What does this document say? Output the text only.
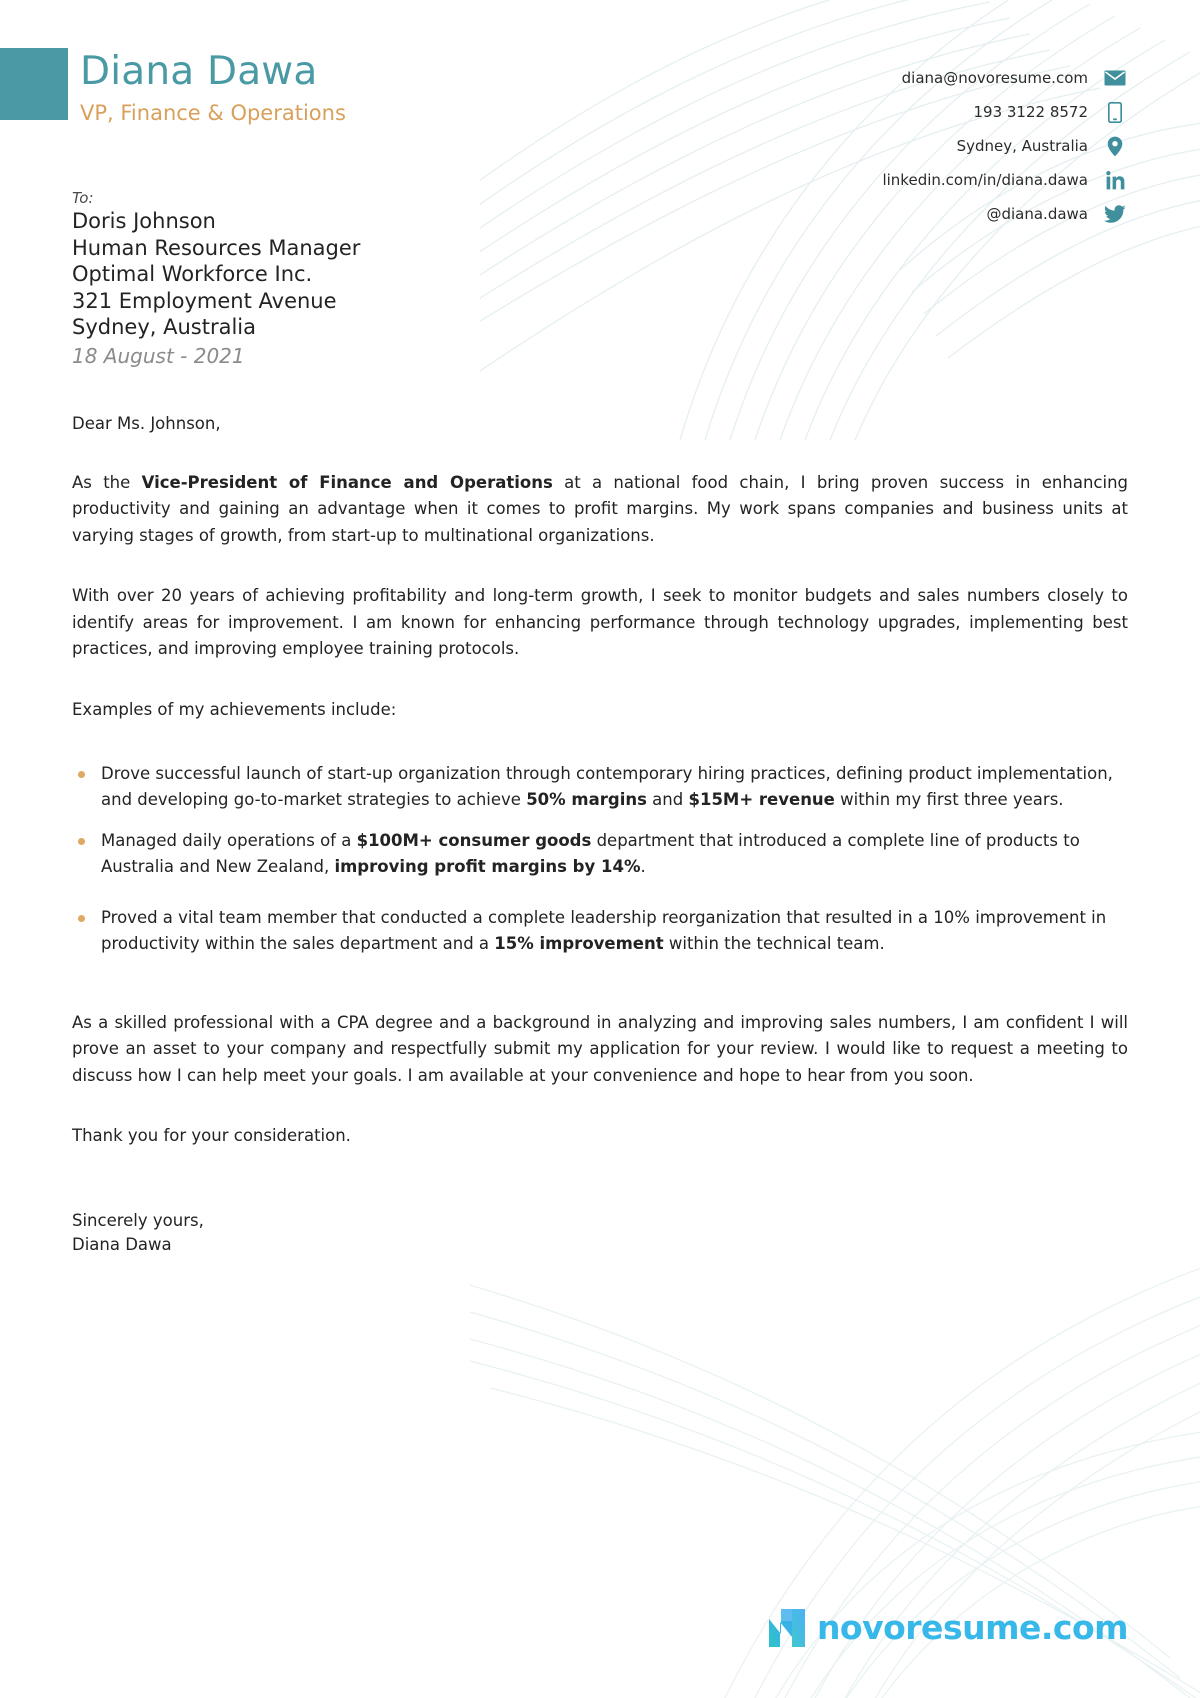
Diana Dawa
VP, Finance & Operations
diana@novoresume.com
193 3122 8572
Sydney, Australia
linkedin.com/in/diana.dawa
@diana.dawa
To:
Doris Johnson
Human Resources Manager
Optimal Workforce Inc.
321 Employment Avenue
Sydney, Australia
18 August - 2021
Dear Ms. Johnson,

As the Vice-President of Finance and Operations at a national food chain, I bring proven success in enhancing productivity and gaining an advantage when it comes to profit margins. My work spans companies and business units at varying stages of growth, from start-up to multinational organizations.

With over 20 years of achieving profitability and long-term growth, I seek to monitor budgets and sales numbers closely to identify areas for improvement. I am known for enhancing performance through technology upgrades, implementing best practices, and improving employee training protocols.

Examples of my achievements include:
Drove successful launch of start-up organization through contemporary hiring practices, defining product implementation, and developing go-to-market strategies to achieve 50% margins and $15M+ revenue within my first three years.
Managed daily operations of a $100M+ consumer goods department that introduced a complete line of products to Australia and New Zealand, improving profit margins by 14%.
Proved a vital team member that conducted a complete leadership reorganization that resulted in a 10% improvement in productivity within the sales department and a 15% improvement within the technical team.

As a skilled professional with a CPA degree and a background in analyzing and improving sales numbers, I am confident I will prove an asset to your company and respectfully submit my application for your review. I would like to request a meeting to discuss how I can help meet your goals. I am available at your convenience and hope to hear from you soon.

Thank you for your consideration.
Sincerely yours,
Diana Dawa
novoresume.com
